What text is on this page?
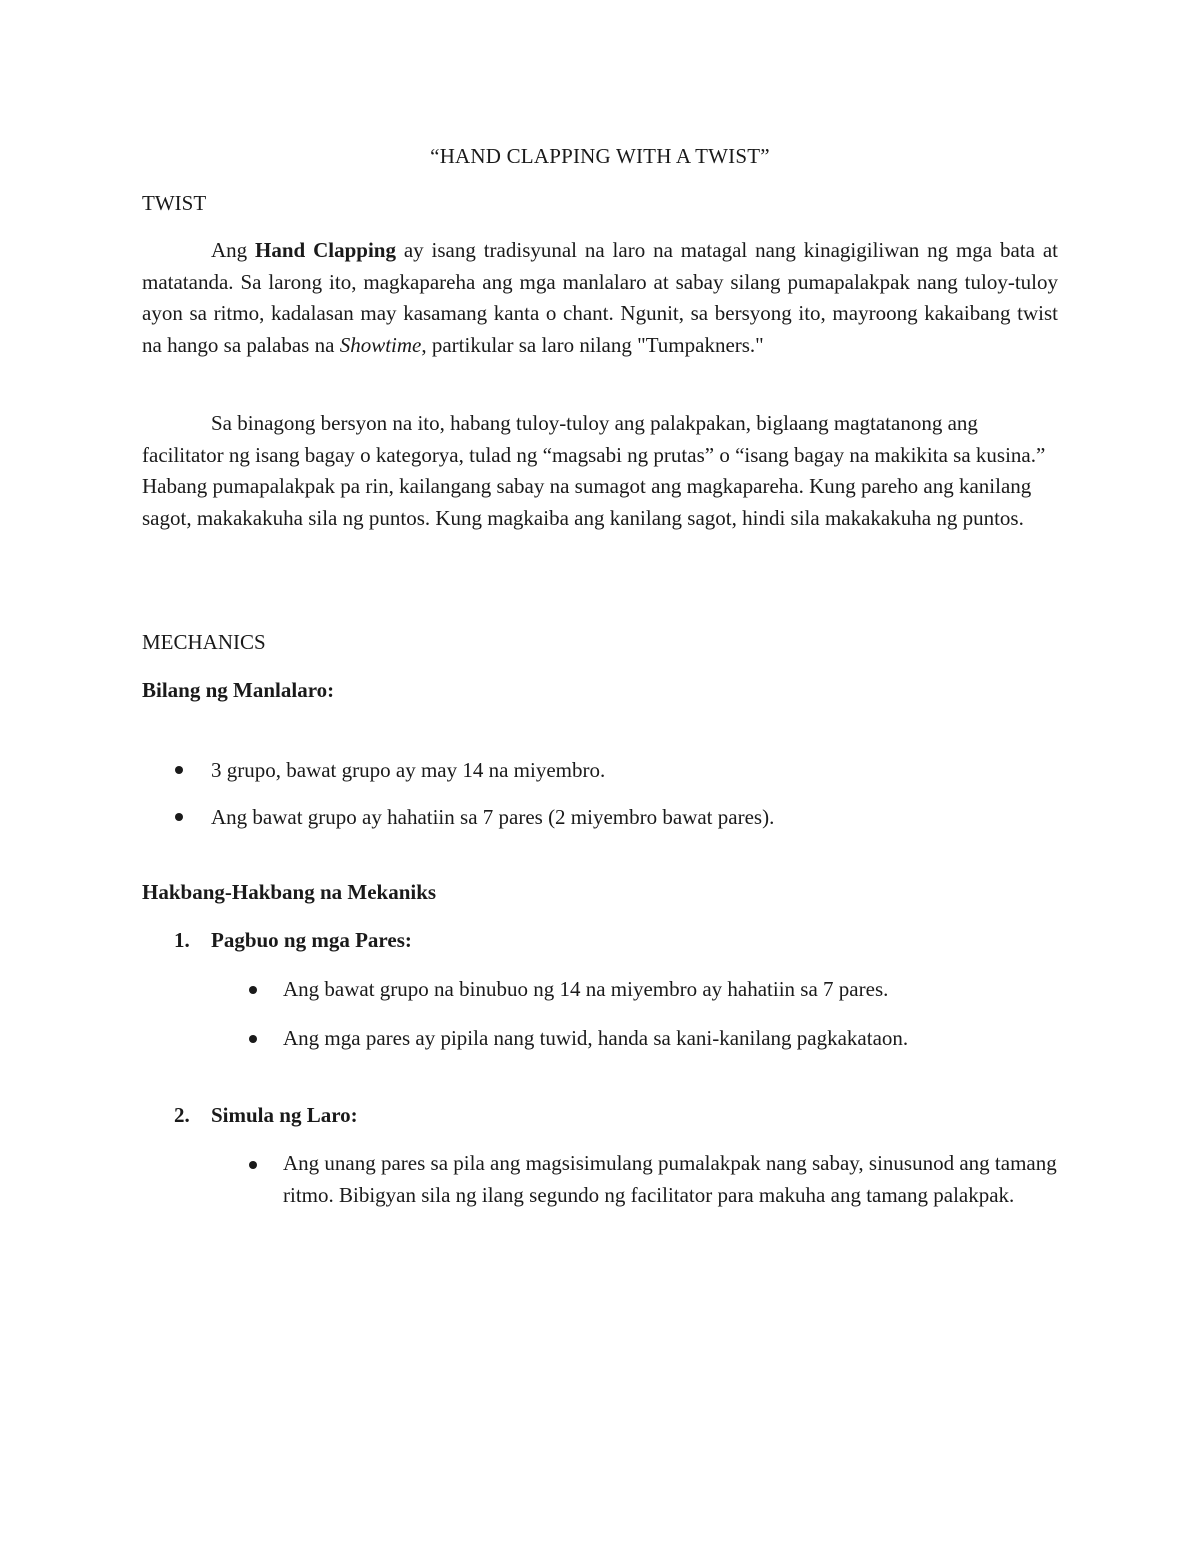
“HAND CLAPPING WITH A TWIST”
TWIST

Ang Hand Clapping ay isang tradisyunal na laro na matagal nang kinagigiliwan ng mga bata at matatanda. Sa larong ito, magkapareha ang mga manlalaro at sabay silang pumapalakpak nang tuloy-tuloy ayon sa ritmo, kadalasan may kasamang kanta o chant. Ngunit, sa bersyong ito, mayroong kakaibang twist na hango sa palabas na Showtime, partikular sa laro nilang "Tumpakners."

Sa binagong bersyon na ito, habang tuloy-tuloy ang palakpakan, biglaang magtatanong ang facilitator ng isang bagay o kategorya, tulad ng “magsabi ng prutas” o “isang bagay na makikita sa kusina.” Habang pumapalakpak pa rin, kailangang sabay na sumagot ang magkapareha. Kung pareho ang kanilang sagot, makakakuha sila ng puntos. Kung magkaiba ang kanilang sagot, hindi sila makakakuha ng puntos.

MECHANICS
Bilang ng Manlalaro:
3 grupo, bawat grupo ay may 14 na miyembro.
Ang bawat grupo ay hahatiin sa 7 pares (2 miyembro bawat pares).
Hakbang-Hakbang na Mekaniks
1. Pagbuo ng mga Pares:
Ang bawat grupo na binubuo ng 14 na miyembro ay hahatiin sa 7 pares.
Ang mga pares ay pipila nang tuwid, handa sa kani-kanilang pagkakataon.
2. Simula ng Laro:

Ang unang pares sa pila ang magsisimulang pumalakpak nang sabay, sinusunod ang tamang ritmo. Bibigyan sila ng ilang segundo ng facilitator para makuha ang tamang palakpak.
